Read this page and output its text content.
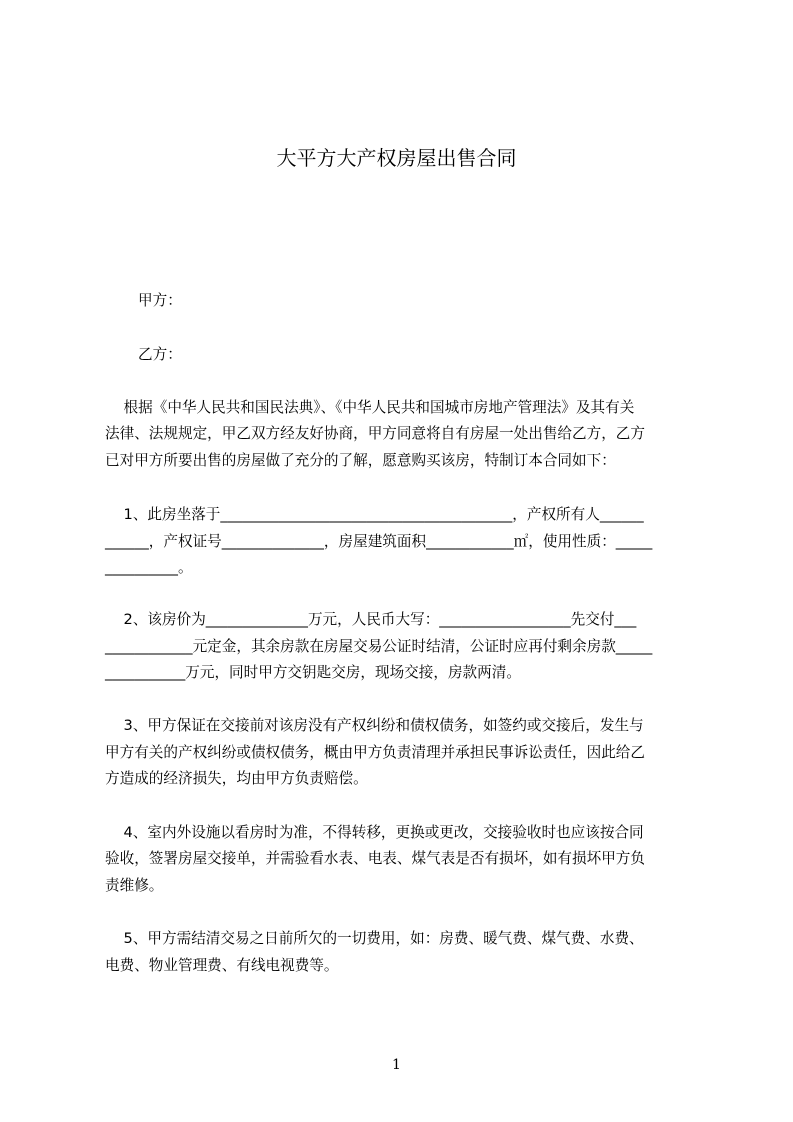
大平方大产权房屋出售合同

甲方：

乙方：

根据《中华人民共和国民法典》、《中华人民共和国城市房地产管理法》及其有关

法律、法规规定，甲乙双方经友好协商，甲方同意将自有房屋一处出售给乙方，乙方

已对甲方所要出售的房屋做了充分的了解，愿意购买该房，特制订本合同如下：

1、此房坐落于________________________________________，产权所有人______

______，产权证号______________，房屋建筑面积____________㎡，使用性质：_____

__________。

2、该房价为______________万元，人民币大写：__________________先交付___

____________元定金，其余房款在房屋交易公证时结清，公证时应再付剩余房款_____

___________万元，同时甲方交钥匙交房，现场交接，房款两清。

3、甲方保证在交接前对该房没有产权纠纷和债权债务，如签约或交接后，发生与

甲方有关的产权纠纷或债权债务，概由甲方负责清理并承担民事诉讼责任，因此给乙

方造成的经济损失，均由甲方负责赔偿。

4、室内外设施以看房时为准，不得转移，更换或更改，交接验收时也应该按合同

验收，签署房屋交接单，并需验看水表、电表、煤气表是否有损坏，如有损坏甲方负

责维修。

5、甲方需结清交易之日前所欠的一切费用，如：房费、暖气费、煤气费、水费、

电费、物业管理费、有线电视费等。

1
